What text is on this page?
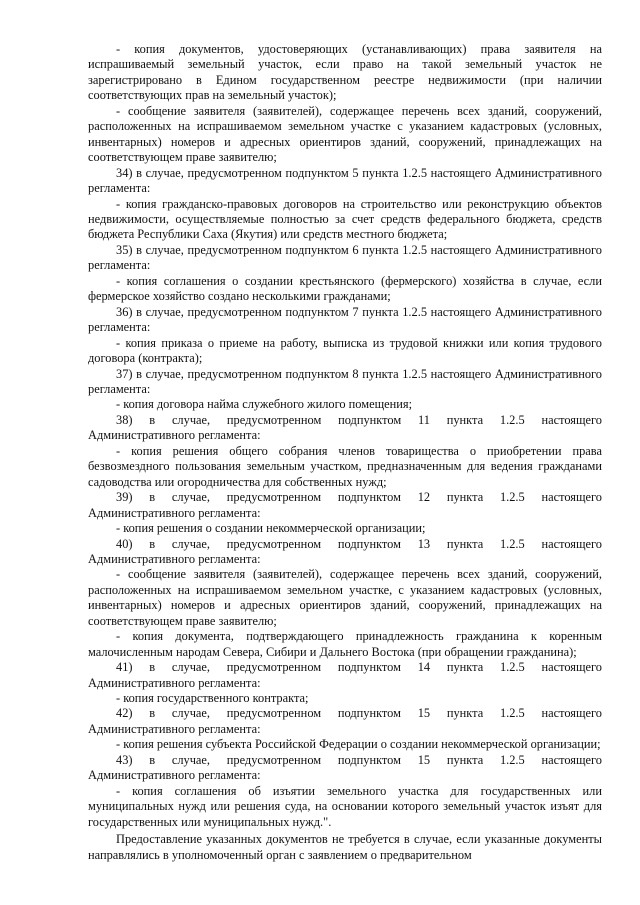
- копия документов, удостоверяющих (устанавливающих) права заявителя на испрашиваемый земельный участок, если право на такой земельный участок не зарегистрировано в Едином государственном реестре недвижимости (при наличии соответствующих прав на земельный участок);

- сообщение заявителя (заявителей), содержащее перечень всех зданий, сооружений, расположенных на испрашиваемом земельном участке с указанием кадастровых (условных, инвентарных) номеров и адресных ориентиров зданий, сооружений, принадлежащих на соответствующем праве заявителю;

34) в случае, предусмотренном подпунктом 5 пункта 1.2.5 настоящего Административного регламента:

- копия гражданско-правовых договоров на строительство или реконструкцию объектов недвижимости, осуществляемые полностью за счет средств федерального бюджета, средств бюджета Республики Саха (Якутия) или средств местного бюджета;

35) в случае, предусмотренном подпунктом 6 пункта 1.2.5 настоящего Административного регламента:

- копия соглашения о создании крестьянского (фермерского) хозяйства в случае, если фермерское хозяйство создано несколькими гражданами;

36) в случае, предусмотренном подпунктом 7 пункта 1.2.5 настоящего Административного регламента:

- копия приказа о приеме на работу, выписка из трудовой книжки или копия трудового договора (контракта);

37) в случае, предусмотренном подпунктом 8 пункта 1.2.5 настоящего Административного регламента:

- копия договора найма служебного жилого помещения;

38) в случае, предусмотренном подпунктом 11 пункта 1.2.5 настоящего Административного регламента:

- копия решения общего собрания членов товарищества о приобретении права безвозмездного пользования земельным участком, предназначенным для ведения гражданами садоводства или огородничества для собственных нужд;

39) в случае, предусмотренном подпунктом 12 пункта 1.2.5 настоящего Административного регламента:

- копия решения о создании некоммерческой организации;

40) в случае, предусмотренном подпунктом 13 пункта 1.2.5 настоящего Административного регламента:

- сообщение заявителя (заявителей), содержащее перечень всех зданий, сооружений, расположенных на испрашиваемом земельном участке, с указанием кадастровых (условных, инвентарных) номеров и адресных ориентиров зданий, сооружений, принадлежащих на соответствующем праве заявителю;

- копия документа, подтверждающего принадлежность гражданина к коренным малочисленным народам Севера, Сибири и Дальнего Востока (при обращении гражданина);

41) в случае, предусмотренном подпунктом 14 пункта 1.2.5 настоящего Административного регламента:

- копия государственного контракта;

42) в случае, предусмотренном подпунктом 15 пункта 1.2.5 настоящего Административного регламента:

- копия решения субъекта Российской Федерации о создании некоммерческой организации;

43) в случае, предусмотренном подпунктом 15 пункта 1.2.5 настоящего Административного регламента:

- копия соглашения об изъятии земельного участка для государственных или муниципальных нужд или решения суда, на основании которого земельный участок изъят для государственных или муниципальных нужд.".

Предоставление указанных документов не требуется в случае, если указанные документы направлялись в уполномоченный орган с заявлением о предварительном
